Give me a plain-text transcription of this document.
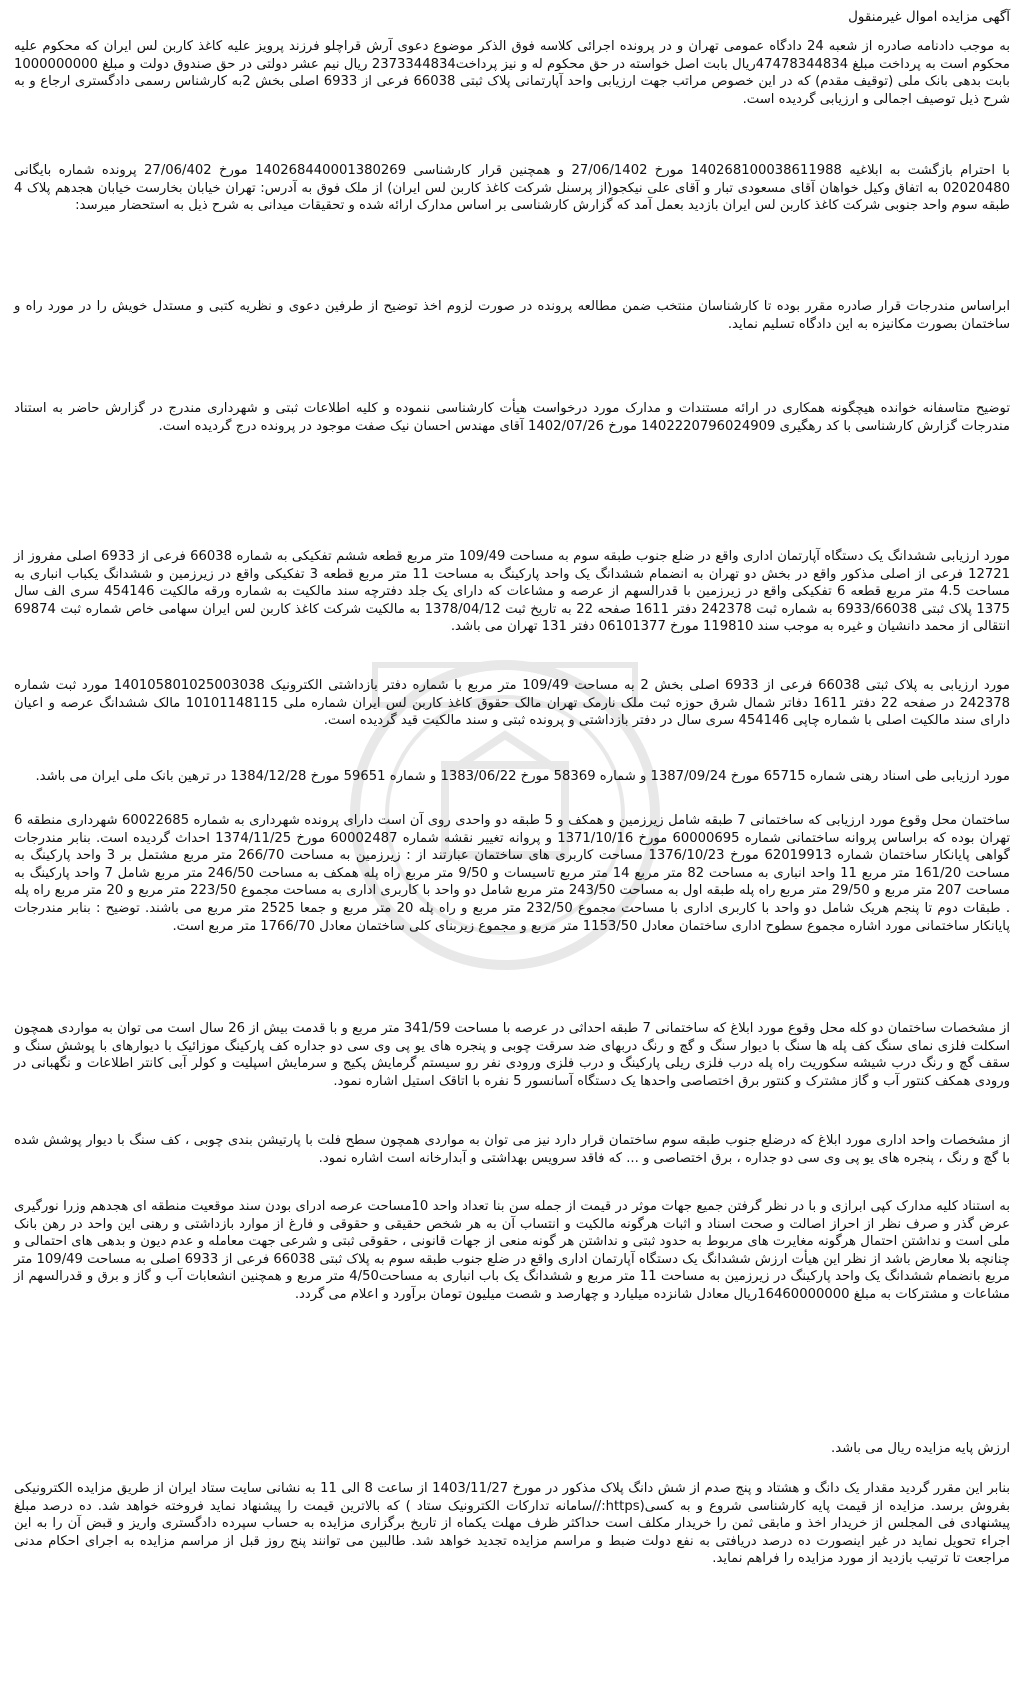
آگهی مزایده اموال غیرمنقول

به موجب دادنامه صادره از شعبه 24 دادگاه عمومی تهران و در پرونده اجرائی کلاسه فوق الذکر موضوع دعوی آرش قراچلو فرزند پرویز علیه کاغذ کاربن لس ایران که محکوم علیه محکوم است به پرداخت مبلغ 47478344834ریال بابت اصل خواسته در حق محکوم له و نیز پرداخت2373344834 ریال نیم عشر دولتی در حق صندوق دولت و مبلغ 1000000000 بابت بدهی بانک ملی (توقیف مقدم) که در این خصوص مراتب جهت ارزیابی واحد آپارتمانی پلاک ثبتی 66038 فرعی از 6933 اصلی بخش 2به کارشناس رسمی دادگستری ارجاع و به شرح ذیل توصیف اجمالی و ارزیابی گردیده است.

با احترام بازگشت به ابلاغیه 140268100038611988 مورخ 27/06/1402 و همچنین قرار کارشناسی 140268440001380269 مورخ 27/06/402 پرونده شماره بایگانی 02020480 به اتفاق وکیل خواهان آقای مسعودی تبار و آقای علی نیکجو(از پرسنل شرکت کاغذ کاربن لس ایران) از ملک فوق به آدرس: تهران خیابان بخارست خیابان هجدهم پلاک 4 طبقه سوم واحد جنوبی شرکت کاغذ کاربن لس ایران بازدید بعمل آمد که گزارش کارشناسی بر اساس مدارک ارائه شده و تحقیقات میدانی به شرح ذیل به استحضار میرسد:

ابراساس مندرجات قرار صادره مقرر بوده تا کارشناسان منتخب ضمن مطالعه پرونده در صورت لزوم اخذ توضیح از طرفین دعوی و نظریه کتبی و مستدل خویش را در مورد راه و ساختمان بصورت مکانیزه به این دادگاه تسلیم نماید.

توضیح متاسفانه خوانده هیچگونه همکاری در ارائه مستندات و مدارک مورد درخواست هیأت کارشناسی ننموده و کلیه اطلاعات ثبتی و شهرداری مندرج در گزارش حاضر به استناد مندرجات گزارش کارشناسی با کد رهگیری 1402220796024909 مورخ 1402/07/26 آقای مهندس احسان نیک صفت موجود در پرونده درج گردیده است.

مورد ارزیابی ششدانگ یک دستگاه آپارتمان اداری واقع در ضلع جنوب طبقه سوم به مساحت 109/49 متر مربع قطعه ششم تفکیکی به شماره 66038 فرعی از 6933 اصلی مفروز از 12721 فرعی از اصلی مذکور واقع در بخش دو تهران به انضمام ششدانگ یک واحد پارکینگ به مساحت 11 متر مربع قطعه 3 تفکیکی واقع در زیرزمین و ششدانگ یکباب انباری به مساحت 4.5 متر مربع قطعه 6 تفکیکی واقع در زیرزمین با قدرالسهم از عرصه و مشاعات که دارای یک جلد دفترچه سند مالکیت به شماره ورقه مالکیت 454146 سری الف سال 1375 پلاک ثبتی 6933/66038 به شماره ثبت 242378 دفتر 1611 صفحه 22 به تاریخ ثبت 1378/04/12 به مالکیت شرکت کاغذ کاربن لس ایران سهامی خاص شماره ثبت 69874 انتقالی از محمد دانشیان و غیره به موجب سند 119810 مورخ 06101377 دفتر 131 تهران می باشد.

مورد ارزیابی به پلاک ثبتی 66038 فرعی از 6933 اصلی بخش 2 به مساحت 109/49 متر مربع با شماره دفتر بازداشتی الکترونیک 140105801025003038 مورد ثبت شماره 242378 در صفحه 22 دفتر 1611 دفاتر شمال شرق حوزه ثبت ملک نارمک تهران مالک حقوق کاغذ کاربن لس ایران شماره ملی 10101148115 مالک ششدانگ عرصه و اعیان دارای سند مالکیت اصلی با شماره چاپی 454146 سری سال در دفتر بازداشتی و پرونده ثبتی و سند مالکیت قید گردیده است.

مورد ارزیابی طی اسناد رهنی شماره 65715 مورخ 1387/09/24 و شماره 58369 مورخ 1383/06/22 و شماره 59651 مورخ 1384/12/28 در ترهین بانک ملی ایران می باشد.

ساختمان محل وقوع مورد ارزیابی که ساختمانی 7 طبقه شامل زیرزمین و همکف و 5 طبقه دو واحدی روی آن است دارای پرونده شهرداری به شماره 60022685 شهرداری منطقه 6 تهران بوده که براساس پروانه ساختمانی شماره 60000695 مورخ 1371/10/16 و پروانه تغییر نقشه شماره 60002487 مورخ 1374/11/25 احداث گردیده است. بنابر مندرجات گواهی پایانکار ساختمان شماره 62019913 مورخ 1376/10/23 مساحت کاربری های ساختمان عبارتند از : زیرزمین به مساحت 266/70 متر مربع مشتمل بر 3 واحد پارکینگ به مساحت 161/20 متر مربع 11 واحد انباری به مساحت 82 متر مربع 14 متر مربع تاسیسات و 9/50 متر مربع راه پله همکف به مساحت 246/50 متر مربع شامل 7 واحد پارکینگ به مساحت 207 متر مربع و 29/50 متر مربع راه پله طبقه اول به مساحت 243/50 متر مربع شامل دو واحد با کاربری اداری به مساحت مجموع 223/50 متر مربع و 20 متر مربع راه پله . طبقات دوم تا پنجم هریک شامل دو واحد با کاربری اداری با مساحت مجموع 232/50 متر مربع و راه پله 20 متر مربع و جمعا 2525 متر مربع می باشند. توضیح : بنابر مندرجات پایانکار ساختمانی مورد اشاره مجموع سطوح اداری ساختمان معادل 1153/50 متر مربع و مجموع زیربنای کلی ساختمان معادل 1766/70 متر مربع است.

از مشخصات ساختمان دو کله محل وقوع مورد ابلاغ که ساختمانی 7 طبقه احداثی در عرصه با مساحت 341/59 متر مربع و با قدمت بیش از 26 سال است می توان به مواردی همچون اسکلت فلزی نمای سنگ کف پله ها سنگ با دیوار سنگ و گچ و رنگ دربهای ضد سرقت چوبی و پنجره های یو پی وی سی دو جداره کف پارکینگ موزائیک با دیوارهای با پوشش سنگ و سقف گچ و رنگ درب شیشه سکوریت راه پله درب فلزی ریلی پارکینگ و درب فلزی ورودی نفر رو سیستم گرمایش پکیج و سرمایش اسپلیت و کولر آبی کانتر اطلاعات و نگهبانی در ورودی همکف کنتور آب و گاز مشترک و کنتور برق اختصاصی واحدها یک دستگاه آسانسور 5 نفره با اتاقک استیل اشاره نمود.

از مشخصات واحد اداری مورد ابلاغ که درضلع جنوب طبقه سوم ساختمان قرار دارد نیز می توان به مواردی همچون سطح فلت با پارتیشن بندی چوبی ، کف سنگ با دیوار پوشش شده با گچ و رنگ ، پنجره های یو پی وی سی دو جداره ، برق اختصاصی و ... که فاقد سرویس بهداشتی و آبدارخانه است اشاره نمود.

به استناد کلیه مدارک کپی ابرازی و با در نظر گرفتن جمیع جهات موثر در قیمت از جمله سن بنا تعداد واحد 10مساحت عرصه ادرای بودن سند موقعیت منطقه ای هجدهم وزرا نورگیری عرض گذر و صرف نظر از احراز اصالت و صحت اسناد و اثبات هرگونه مالکیت و انتساب آن به هر شخص حقیقی و حقوقی و فارغ از موارد بازداشتی و رهنی این واحد در رهن بانک ملی است و نداشتن احتمال هرگونه مغایرت های مربوط به حدود ثبتی و نداشتن هر گونه منعی از جهات قانونی ، حقوقی ثبتی و شرعی جهت معامله و عدم دیون و بدهی های احتمالی و چنانچه بلا معارض باشد از نظر این هیأت ارزش ششدانگ یک دستگاه آپارتمان اداری واقع در ضلع جنوب طبقه سوم به پلاک ثبتی 66038 فرعی از 6933 اصلی به مساحت 109/49 متر مربع بانضمام ششدانگ یک واحد پارکینگ در زیرزمین به مساحت 11 متر مربع و ششدانگ یک باب انباری به مساحت4/50 متر مربع و همچنین انشعابات آب و گاز و برق و قدرالسهم از مشاعات و مشترکات به مبلغ 16460000000ریال معادل شانزده میلیارد و چهارصد و شصت میلیون تومان برآورد و اعلام می گردد.

ارزش پایه مزایده ریال می باشد.

بنابر این مقرر گردید مقدار یک دانگ و هشتاد و پنج صدم از شش دانگ پلاک مذکور در مورخ 1403/11/27 از ساعت 8 الی 11 به نشانی سایت ستاد ایران از طریق مزایده الکترونیکی بفروش برسد. مزایده از قیمت پایه کارشناسی شروع و به کسی(https://سامانه تدارکات الکترونیک ستاد ) که بالاترین قیمت را پیشنهاد نماید فروخته خواهد شد. ده درصد مبلغ پیشنهادی فی المجلس از خریدار اخذ و مابقی ثمن را خریدار مکلف است حداکثر ظرف مهلت یکماه از تاریخ برگزاری مزایده به حساب سپرده دادگستری واریز و قبض آن را به این اجراء تحویل نماید در غیر اینصورت ده درصد دریافتی به نفع دولت ضبط و مراسم مزایده تجدید خواهد شد. طالبین می توانند پنج روز قبل از مراسم مزایده به اجرای احکام مدنی مراجعت تا ترتیب بازدید از مورد مزایده را فراهم نماید.
